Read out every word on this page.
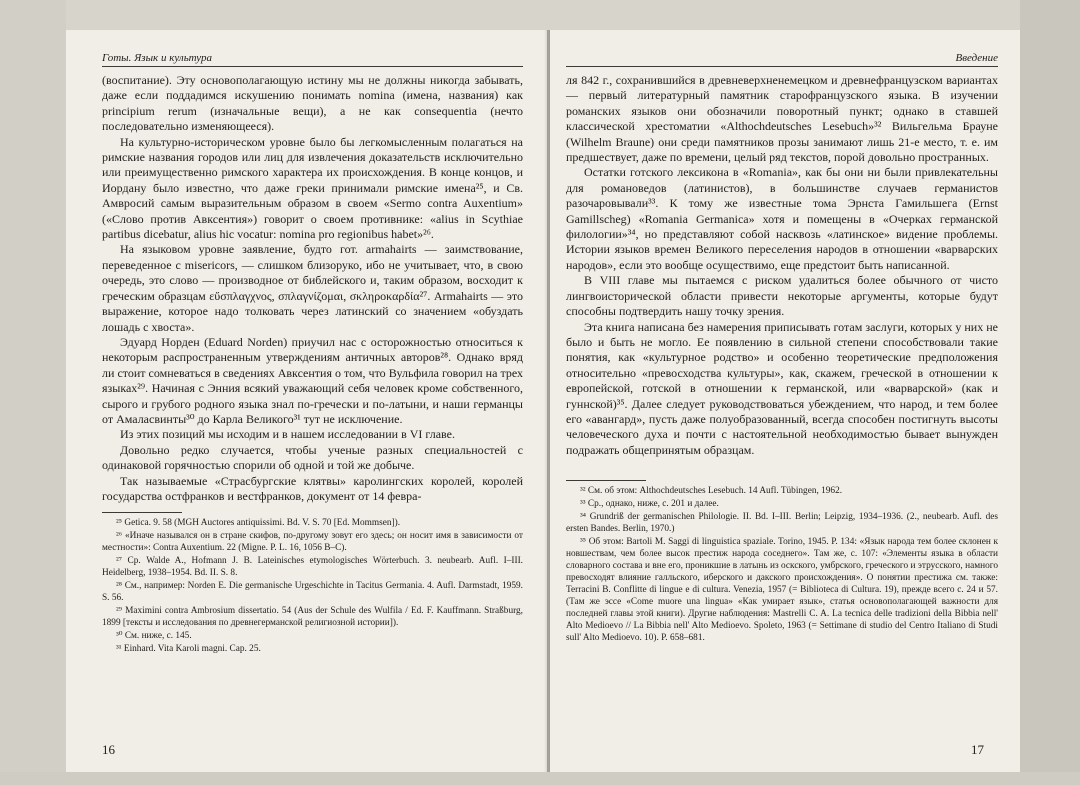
Готы. Язык и культура

(воспитание). Эту основополагающую истину мы не должны никогда забывать, даже если поддадимся искушению понимать nomina (имена, названия) как principium rerum (изначальные вещи), а не как consequentia (нечто последовательно изменяющееся).

На культурно-историческом уровне было бы легкомысленным полагаться на римские названия городов или лиц для извлечения доказательств исключительно или преимущественно римского характера их происхождения. В конце концов, и Иордану было известно, что даже греки принимали римские имена²⁵, и Св. Амвросий самым выразительным образом в своем «Sermo contra Auxentium» («Слово против Авксентия») говорит о своем противнике: «alius in Scythiae partibus dicebatur, alius hic vocatur: nomina pro regionibus habet»²⁶.

На языковом уровне заявление, будто гот. armahairts — заимствование, переведенное с misericors, — слишком близоруко, ибо не учитывает, что, в свою очередь, это слово — производное от библейского и, таким образом, восходит к греческим образцам εὔσπλαγχνος, σπλαγνίζομαι, σκληροκαρδία²⁷. Armahairts — это выражение, которое надо толковать через латинский со значением «обуздать лошадь с хвоста».

Эдуард Норден (Eduard Norden) приучил нас с осторожностью относиться к некоторым распространенным утверждениям античных авторов²⁸. Однако вряд ли стоит сомневаться в сведениях Авксентия о том, что Вульфила говорил на трех языках²⁹. Начиная с Энния всякий уважающий себя человек кроме собственного, сырого и грубого родного языка знал по-гречески и по-латыни, и наши германцы от Амаласвинты³⁰ до Карла Великого³¹ тут не исключение.

Из этих позиций мы исходим и в нашем исследовании в VI главе.

Довольно редко случается, чтобы ученые разных специальностей с одинаковой горячностью спорили об одной и той же добыче.

Так называемые «Страсбургские клятвы» каролингских королей, королей государства остфранков и вестфранков, документ от 14 февра-

²⁵ Getica. 9. 58 (MGH Auctores antiquissimi. Bd. V. S. 70 [Ed. Mommsen]).

²⁶ «Иначе назывался он в стране скифов, по-другому зовут его здесь; он носит имя в зависимости от местности»: Contra Auxentium. 22 (Migne. P. L. 16, 1056 B–C).

²⁷ Ср. Walde A., Hofmann J. B. Lateinisches etymologisches Wörterbuch. 3. neubearb. Aufl. I–III. Heidelberg, 1938–1954. Bd. II. S. 8.

²⁸ См., например: Norden E. Die germanische Urgeschichte in Tacitus Germania. 4. Aufl. Darmstadt, 1959. S. 56.

²⁹ Maximini contra Ambrosium dissertatio. 54 (Aus der Schule des Wulfila / Ed. F. Kauffmann. Straßburg, 1899 [тексты и исследования по древнегерманской религиозной истории]).

³⁰ См. ниже, с. 145.

³¹ Einhard. Vita Karoli magni. Cap. 25.

16
Введение

ля 842 г., сохранившийся в древневерхненемецком и древнефранцузском вариантах — первый литературный памятник старофранцузского языка. В изучении романских языков они обозначили поворотный пункт; однако в ставшей классической хрестоматии «Althochdeutsches Lesebuch»³² Вильгельма Брауне (Wilhelm Braune) они среди памятников прозы занимают лишь 21-е место, т. е. им предшествует, даже по времени, целый ряд текстов, порой довольно пространных.

Остатки готского лексикона в «Romania», как бы они ни были привлекательны для романоведов (латинистов), в большинстве случаев германистов разочаровывали³³. К тому же известные тома Эрнста Гамильшега (Ernst Gamillscheg) «Romania Germanica» хотя и помещены в «Очерках германской филологии»³⁴, но представляют собой насквозь «латинское» видение проблемы. Истории языков времен Великого переселения народов в отношении «варварских народов», если это вообще осуществимо, еще предстоит быть написанной.

В VIII главе мы пытаемся с риском удалиться более обычного от чисто лингвоисторической области привести некоторые аргументы, которые будут способны подтвердить нашу точку зрения.

Эта книга написана без намерения приписывать готам заслуги, которых у них не было и быть не могло. Ее появлению в сильной степени способствовали такие понятия, как «культурное родство» и особенно теоретические предположения относительно «превосходства культуры», как, скажем, греческой в отношении к европейской, готской в отношении к германской, или «варварской» (как и гуннской)³⁵. Далее следует руководствоваться убеждением, что народ, и тем более его «авангард», пусть даже полуобразованный, всегда способен постигнуть высоты человеческого духа и почти с настоятельной необходимостью бывает вынужден подражать общепринятым образцам.

³² См. об этом: Althochdeutsches Lesebuch. 14 Aufl. Tübingen, 1962.

³³ Ср., однако, ниже, с. 201 и далее.

³⁴ Grundriß der germanischen Philologie. II. Bd. I–III. Berlin; Leipzig, 1934–1936. (2., neubearb. Aufl. des ersten Bandes. Berlin, 1970.)

³⁵ Об этом: Bartoli M. Saggi di linguistica spaziale. Torino, 1945. P. 134: «Язык народа тем более склонен к новшествам, чем более высок престиж народа соседнего». Там же, с. 107: «Элементы языка в области словарного состава и вне его, проникшие в латынь из оскского, умбрского, греческого и этрусского, намного превосходят влияние галльского, иберского и дакского происхождения». О понятии престижа см. также: Terracini B. Conflitte di lingue e di cultura. Venezia, 1957 (= Biblioteca di Cultura. 19), прежде всего с. 24 и 57. (Там же эссе «Come muore una lingua» «Как умирает язык», статья основополагающей важности для последней главы этой книги). Другие наблюдения: Mastrelli C. A. La tecnica delle tradizioni della Bibbia nell' Alto Medioevo // La Bibbia nell' Alto Medioevo. Spoleto, 1963 (= Settimane di studio del Centro Italiano di Studi sull' Alto Medioevo. 10). P. 658–681.

17
